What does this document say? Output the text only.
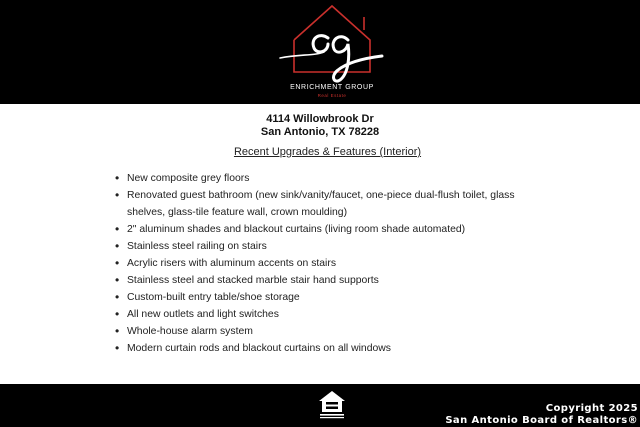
ENRICHMENT GROUP
Real Estate
4114 Willowbrook Dr
San Antonio, TX 78228
Recent Upgrades & Features (Interior)
• New composite grey floors
• Renovated guest bathroom (new sink/vanity/faucet, one-piece dual-flush toilet, glass shelves, glass-tile feature wall, crown moulding)
• 2" aluminum shades and blackout curtains (living room shade automated)
• Stainless steel railing on stairs
• Acrylic risers with aluminum accents on stairs
• Stainless steel and stacked marble stair hand supports
• Custom-built entry table/shoe storage
• All new outlets and light switches
• Whole-house alarm system
• Modern curtain rods and blackout curtains on all windows
Copyright 2025
San Antonio Board of Realtors®
